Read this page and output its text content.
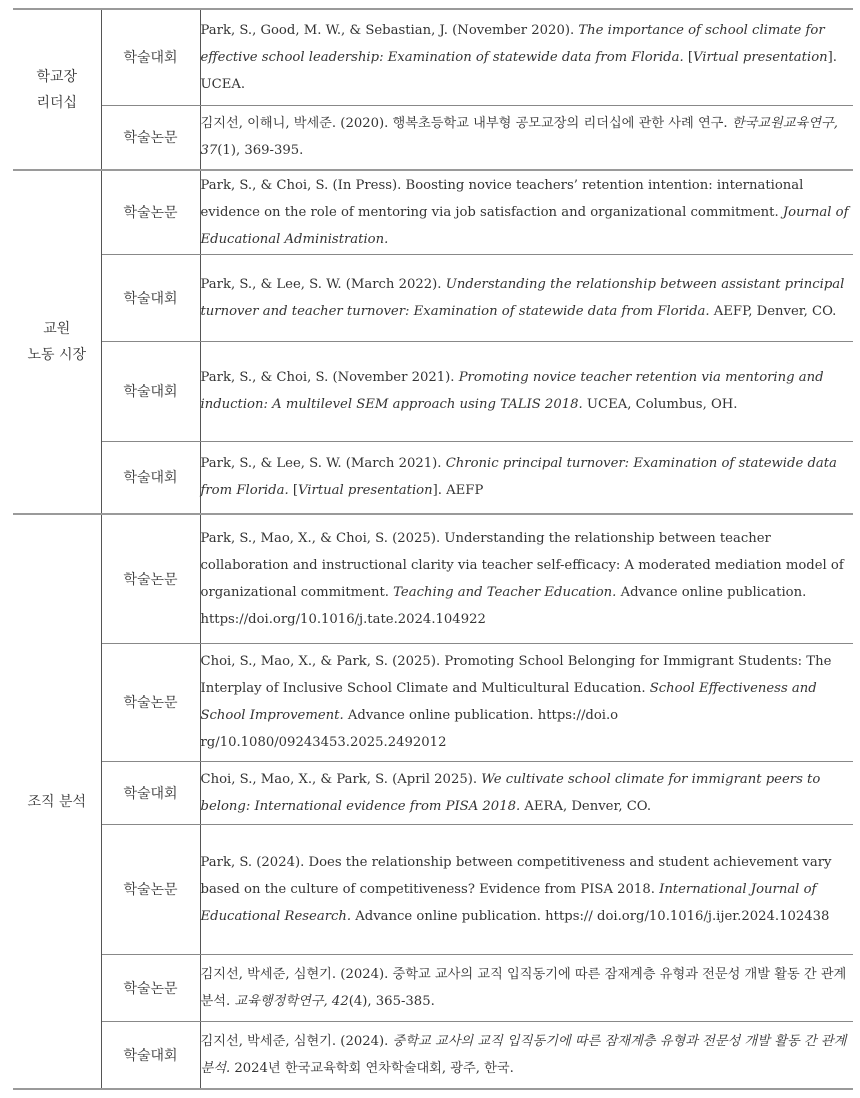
학교장
리더십	학술대회	Park, S., Good, M. W., & Sebastian, J. (November 2020). The importance of school climate for effective school leadership: Examination of statewide data from Florida. [Virtual presentation]. UCEA.
	학술논문	김지선, 이해니, 박세준. (2020). 행복초등학교 내부형 공모교장의 리더십에 관한 사례 연구. 한국교원교육연구, 37(1), 369-395.

교원
노동 시장	학술논문	Park, S., & Choi, S. (In Press). Boosting novice teachers’ retention intention: international evidence on the role of mentoring via job satisfaction and organizational commitment. Journal of Educational Administration.
	학술대회	Park, S., & Lee, S. W. (March 2022). Understanding the relationship between assistant principal turnover and teacher turnover: Examination of statewide data from Florida. AEFP, Denver, CO.
	학술대회	Park, S., & Choi, S. (November 2021). Promoting novice teacher retention via mentoring and induction: A multilevel SEM approach using TALIS 2018. UCEA, Columbus, OH.
	학술대회	Park, S., & Lee, S. W. (March 2021). Chronic principal turnover: Examination of statewide data from Florida. [Virtual presentation]. AEFP

조직 분석	학술논문	Park, S., Mao, X., & Choi, S. (2025). Understanding the relationship between teacher collaboration and instructional clarity via teacher self-efficacy: A moderated mediation model of organizational commitment. Teaching and Teacher Education. Advance online publication. https://doi.org/10.1016/j.tate.2024.104922
	학술논문	Choi, S., Mao, X., & Park, S. (2025). Promoting School Belonging for Immigrant Students: The Interplay of Inclusive School Climate and Multicultural Education. School Effectiveness and School Improvement. Advance online publication. https://doi.o rg/10.1080/09243453.2025.2492012
	학술대회	Choi, S., Mao, X., & Park, S. (April 2025). We cultivate school climate for immigrant peers to belong: International evidence from PISA 2018. AERA, Denver, CO.
	학술논문	Park, S. (2024). Does the relationship between competitiveness and student achievement vary based on the culture of competitiveness? Evidence from PISA 2018. International Journal of Educational Research. Advance online publication. https:// doi.org/10.1016/j.ijer.2024.102438
	학술논문	김지선, 박세준, 심현기. (2024). 중학교 교사의 교직 입직동기에 따른 잠재계층 유형과 전문성 개발 활동 간 관계 분석. 교육행정학연구, 42(4), 365-385.
	학술대회	김지선, 박세준, 심현기. (2024). 중학교 교사의 교직 입직동기에 따른 잠재계층 유형과 전문성 개발 활동 간 관계 분석. 2024년 한국교육학회 연차학술대회, 광주, 한국.
